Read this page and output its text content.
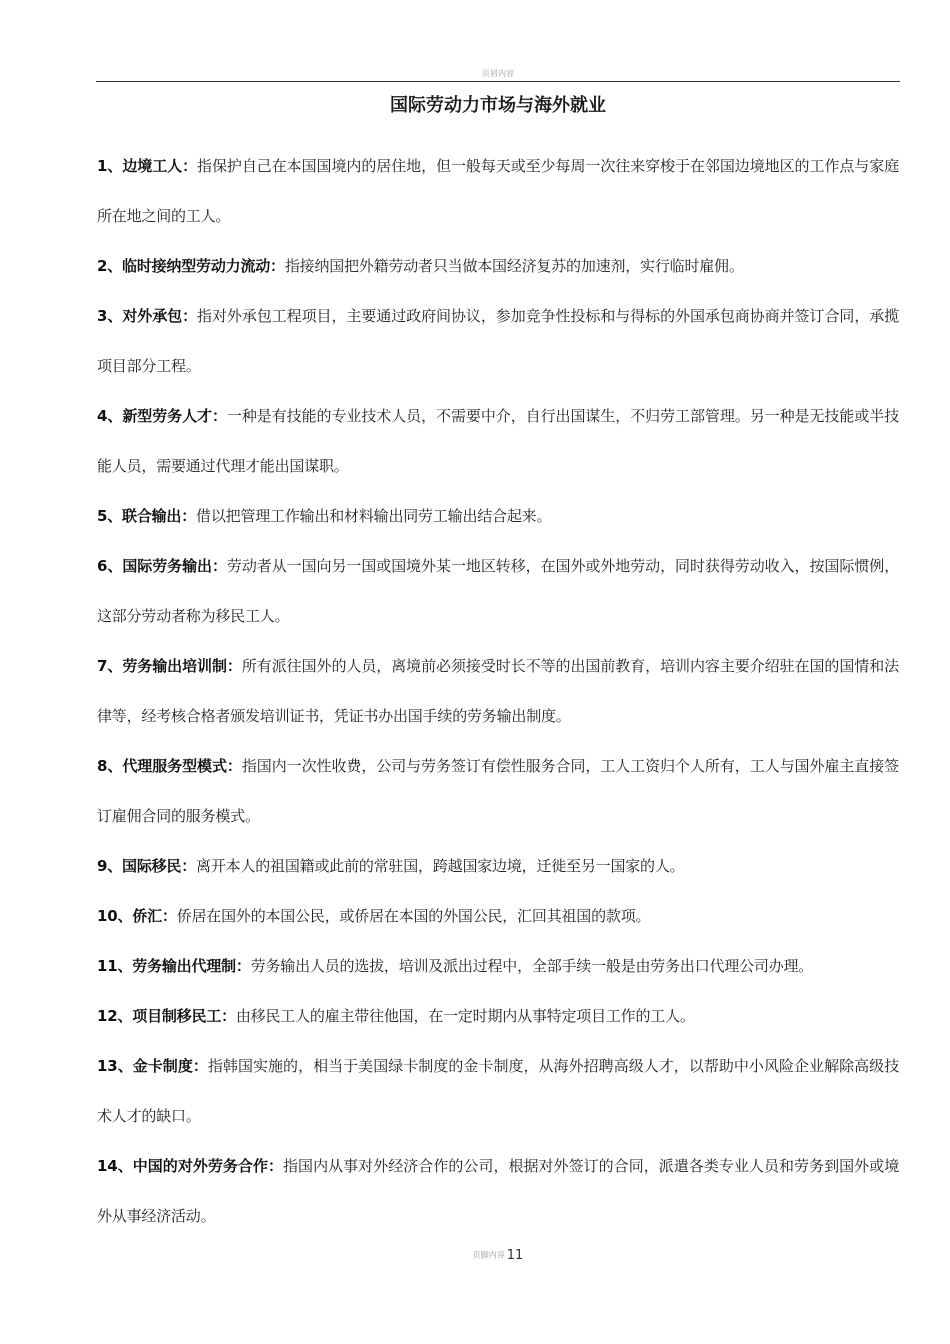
页眉内容
国际劳动力市场与海外就业
1、边境工人：指保护自己在本国国境内的居住地，但一般每天或至少每周一次往来穿梭于在邻国边境地区的工作点与家庭所在地之间的工人。
2、临时接纳型劳动力流动：指接纳国把外籍劳动者只当做本国经济复苏的加速剂，实行临时雇佣。
3、对外承包：指对外承包工程项目，主要通过政府间协议，参加竞争性投标和与得标的外国承包商协商并签订合同，承揽项目部分工程。
4、新型劳务人才：一种是有技能的专业技术人员，不需要中介，自行出国谋生，不归劳工部管理。另一种是无技能或半技能人员，需要通过代理才能出国谋职。
5、联合输出：借以把管理工作输出和材料输出同劳工输出结合起来。
6、国际劳务输出：劳动者从一国向另一国或国境外某一地区转移，在国外或外地劳动，同时获得劳动收入，按国际惯例，这部分劳动者称为移民工人。
7、劳务输出培训制：所有派往国外的人员，离境前必须接受时长不等的出国前教育，培训内容主要介绍驻在国的国情和法律等，经考核合格者颁发培训证书，凭证书办出国手续的劳务输出制度。
8、代理服务型模式：指国内一次性收费，公司与劳务签订有偿性服务合同，工人工资归个人所有，工人与国外雇主直接签订雇佣合同的服务模式。
9、国际移民：离开本人的祖国籍或此前的常驻国，跨越国家边境，迁徙至另一国家的人。
10、侨汇：侨居在国外的本国公民，或侨居在本国的外国公民，汇回其祖国的款项。
11、劳务输出代理制：劳务输出人员的选拔，培训及派出过程中，全部手续一般是由劳务出口代理公司办理。
12、项目制移民工：由移民工人的雇主带往他国，在一定时期内从事特定项目工作的工人。
13、金卡制度：指韩国实施的，相当于美国绿卡制度的金卡制度，从海外招聘高级人才，以帮助中小风险企业解除高级技术人才的缺口。
14、中国的对外劳务合作：指国内从事对外经济合作的公司，根据对外签订的合同，派遣各类专业人员和劳务到国外或境外从事经济活动。
页脚内容 11
